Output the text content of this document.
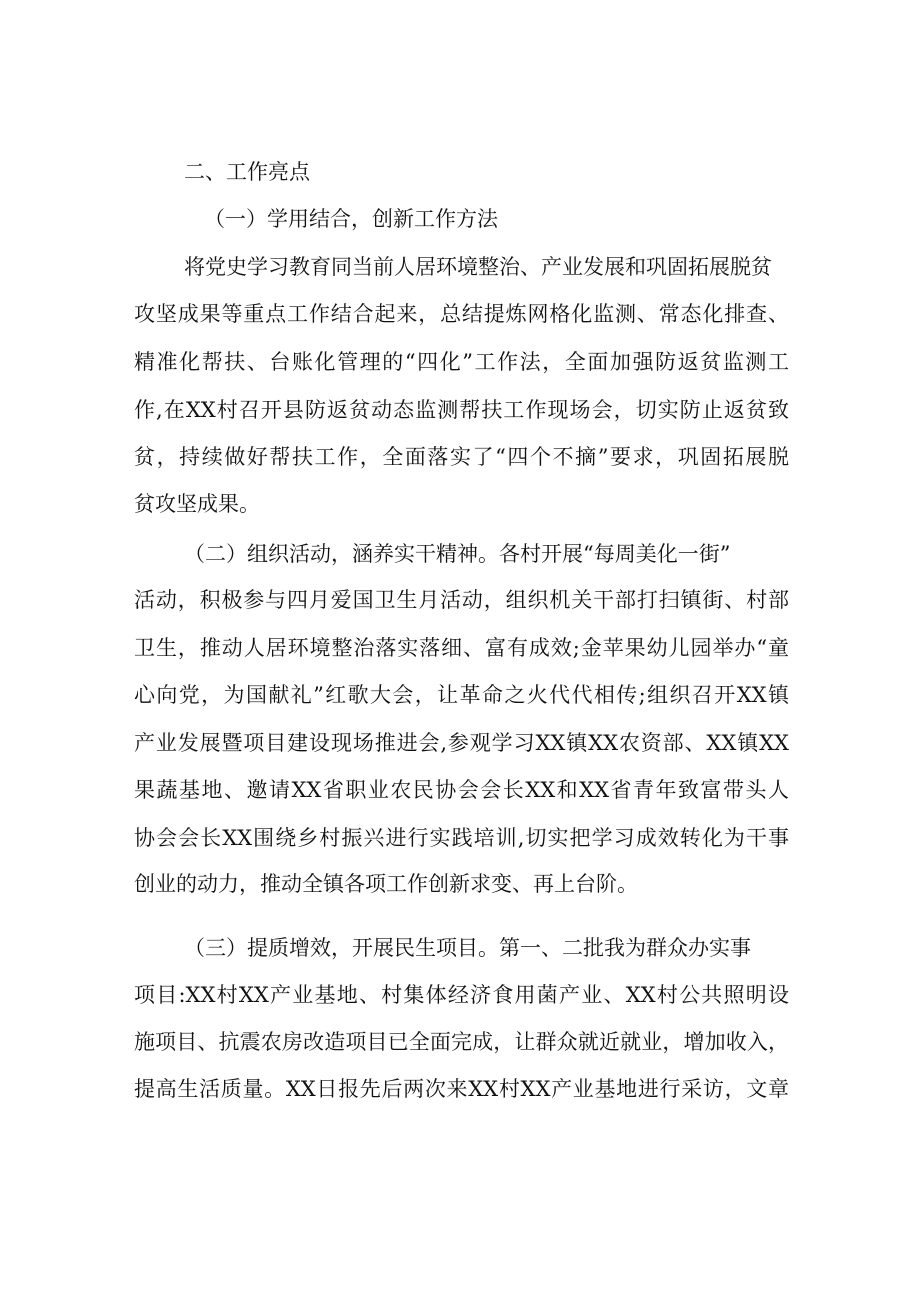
二、工作亮点
（一）学用结合，创新工作方法
将党史学习教育同当前人居环境整治、产业发展和巩固拓展脱贫
攻坚成果等重点工作结合起来，总结提炼网格化监测、常态化排查、
精准化帮扶、台账化管理的“四化”工作法，全面加强防返贫监测工
作,在XX村召开县防返贫动态监测帮扶工作现场会，切实防止返贫致
贫，持续做好帮扶工作，全面落实了“四个不摘”要求，巩固拓展脱
贫攻坚成果。
（二）组织活动，涵养实干精神。各村开展“每周美化一街”
活动，积极参与四月爱国卫生月活动，组织机关干部打扫镇街、村部
卫生，推动人居环境整治落实落细、富有成效;金苹果幼儿园举办“童
心向党，为国献礼”红歌大会，让革命之火代代相传;组织召开XX镇
产业发展暨项目建设现场推进会,参观学习XX镇XX农资部、XX镇XX
果蔬基地、邀请XX省职业农民协会会长XX和XX省青年致富带头人
协会会长XX围绕乡村振兴进行实践培训,切实把学习成效转化为干事
创业的动力，推动全镇各项工作创新求变、再上台阶。
（三）提质增效，开展民生项目。第一、二批我为群众办实事
项目:XX村XX产业基地、村集体经济食用菌产业、XX村公共照明设
施项目、抗震农房改造项目已全面完成，让群众就近就业，增加收入，
提高生活质量。XX日报先后两次来XX村XX产业基地进行采访，文章
